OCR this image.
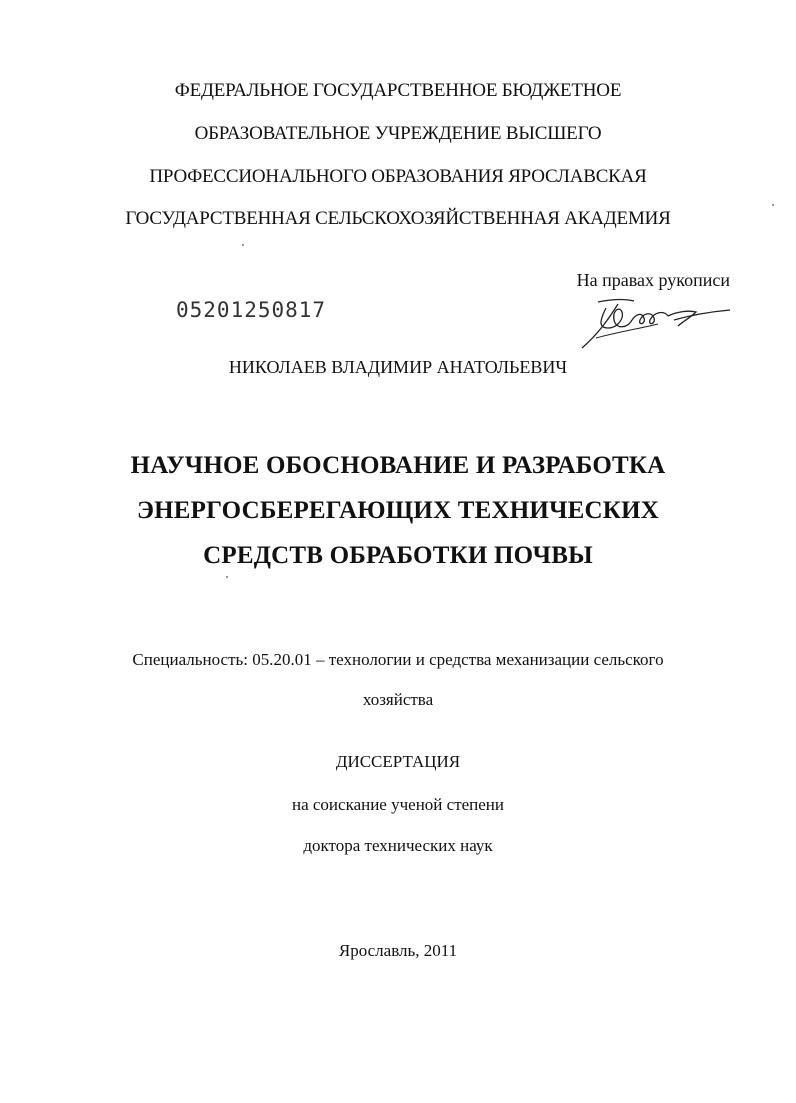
ФЕДЕРАЛЬНОЕ ГОСУДАРСТВЕННОЕ БЮДЖЕТНОЕ
ОБРАЗОВАТЕЛЬНОЕ УЧРЕЖДЕНИЕ ВЫСШЕГО
ПРОФЕССИОНАЛЬНОГО ОБРАЗОВАНИЯ ЯРОСЛАВСКАЯ
ГОСУДАРСТВЕННАЯ СЕЛЬСКОХОЗЯЙСТВЕННАЯ АКАДЕМИЯ
На правах рукописи
05201250817
НИКОЛАЕВ ВЛАДИМИР АНАТОЛЬЕВИЧ
НАУЧНОЕ ОБОСНОВАНИЕ И РАЗРАБОТКА
ЭНЕРГОСБЕРЕГАЮЩИХ ТЕХНИЧЕСКИХ
СРЕДСТВ ОБРАБОТКИ ПОЧВЫ
Специальность: 05.20.01 – технологии и средства механизации сельского
хозяйства
ДИССЕРТАЦИЯ
на соискание ученой степени
доктора технических наук
Ярославль, 2011
